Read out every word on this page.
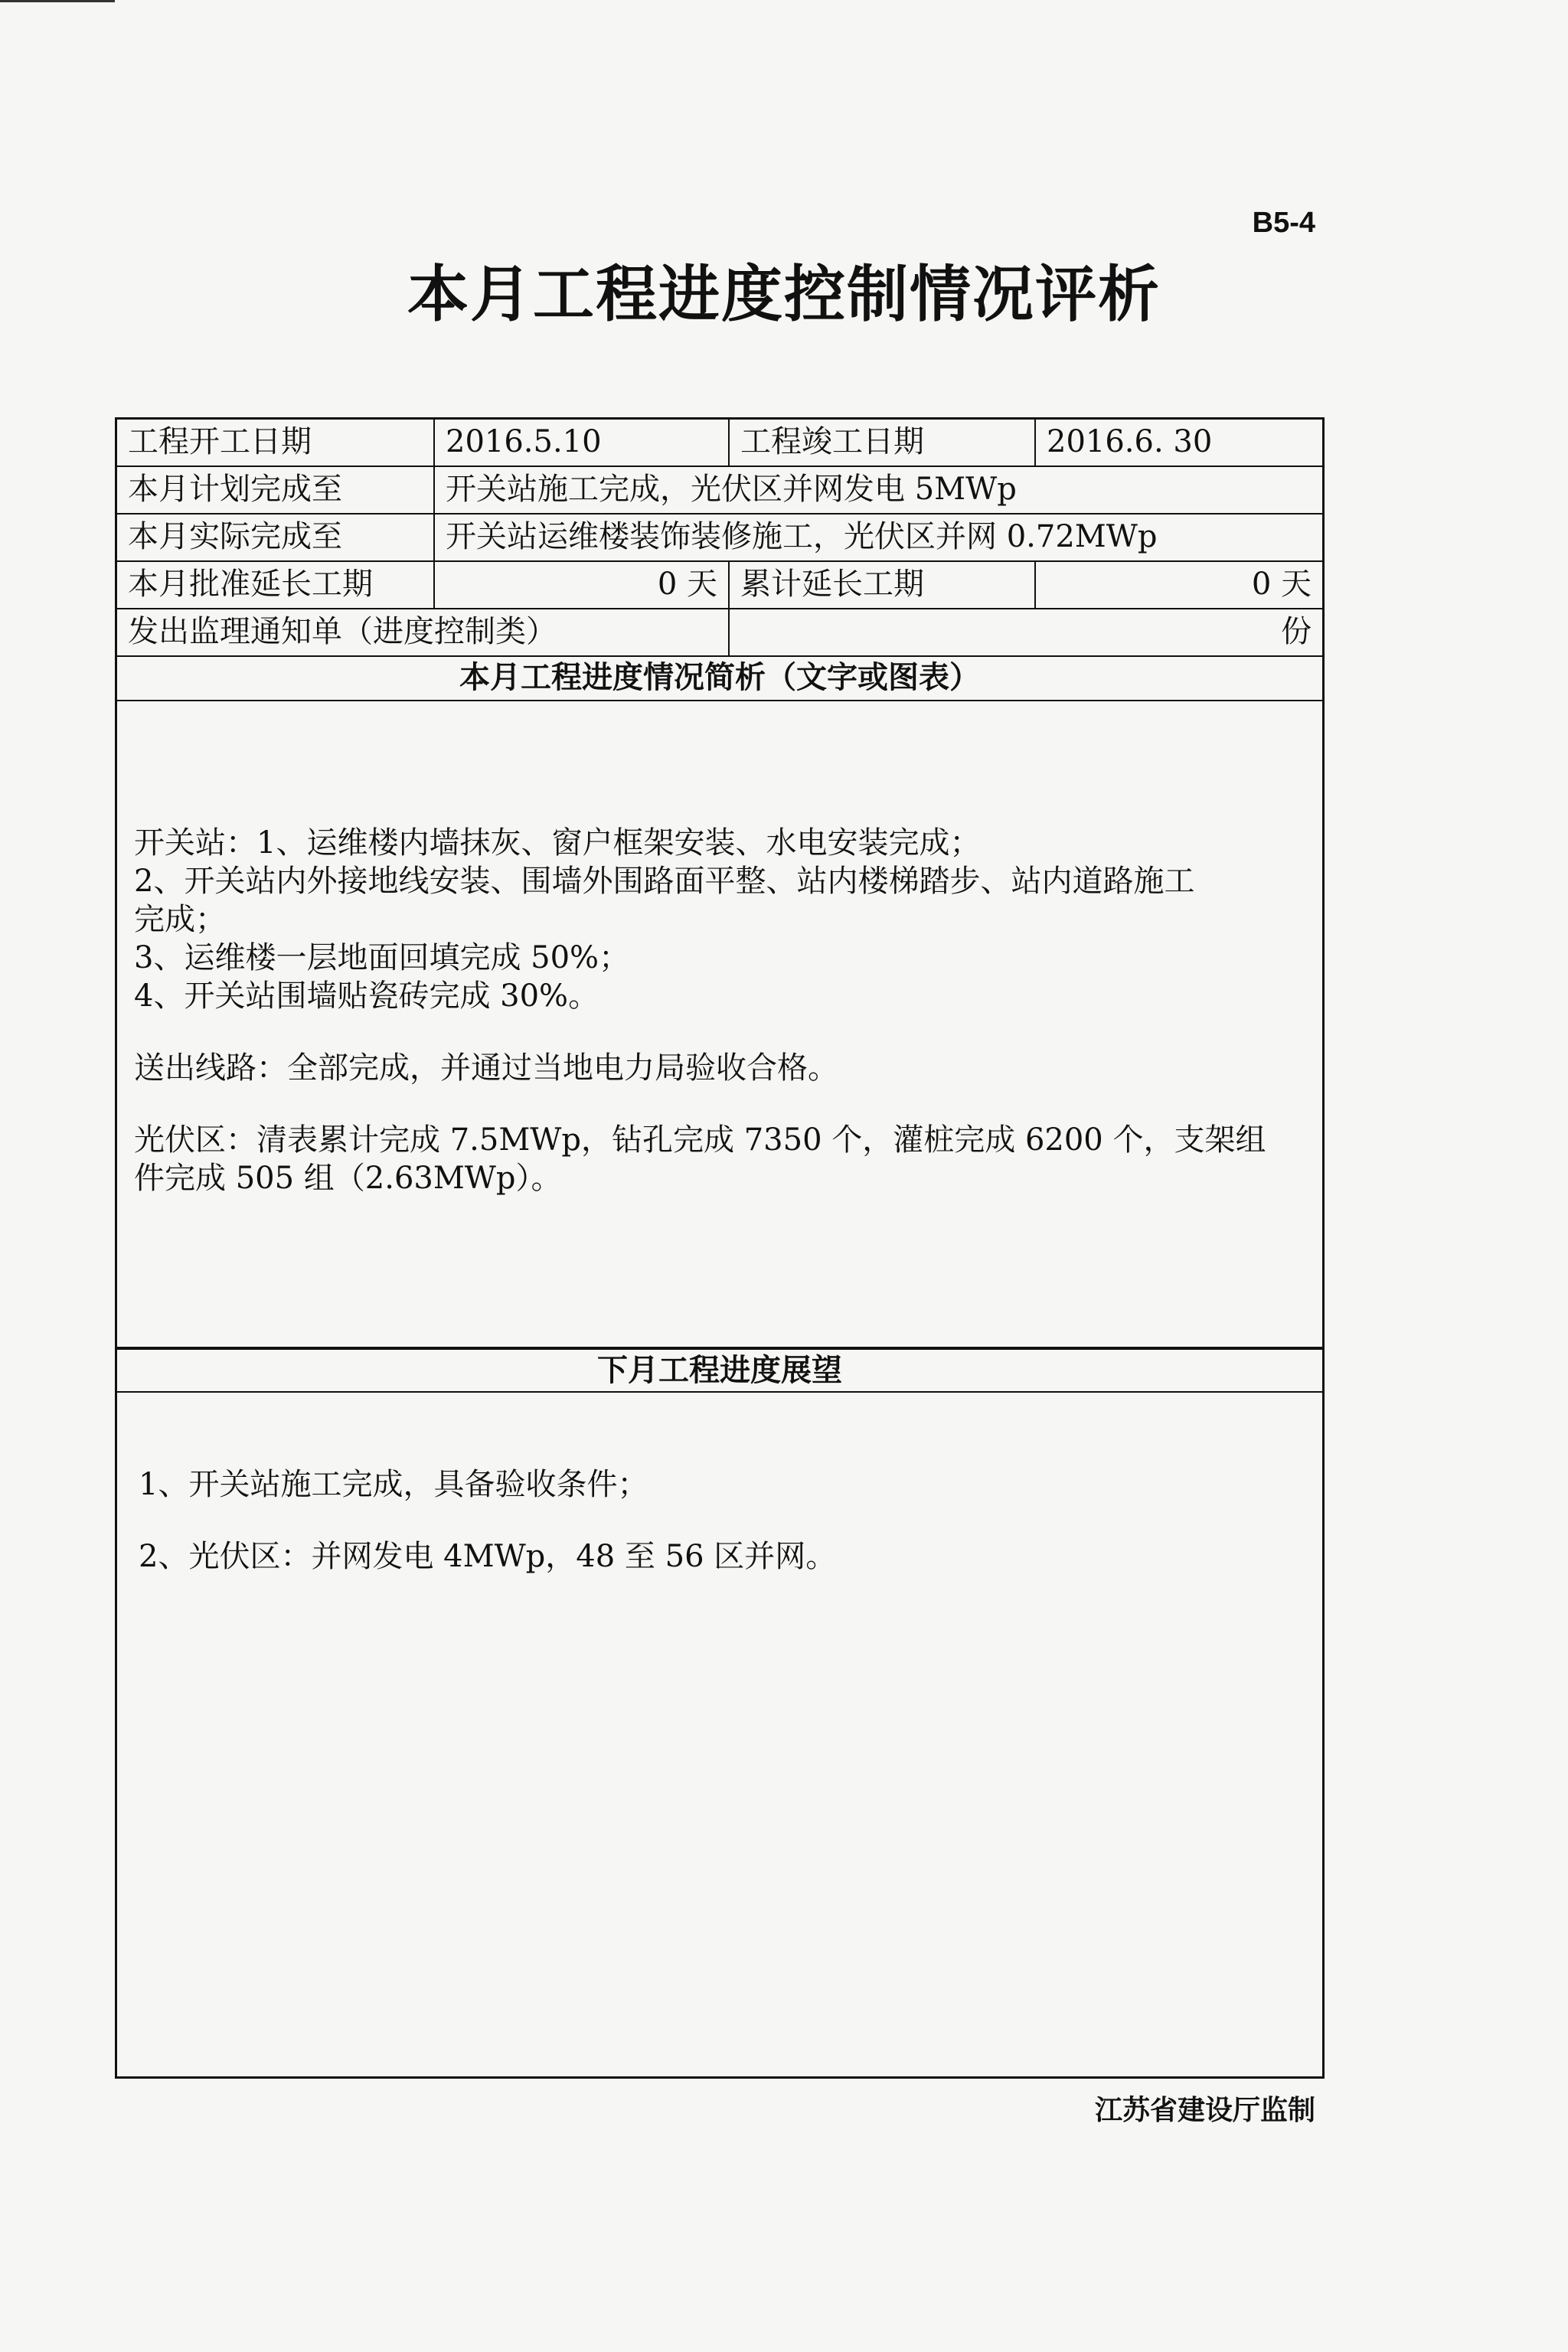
B5-4
本月工程进度控制情况评析
工程开工日期	2016.5.10	工程竣工日期	2016.6. 30
本月计划完成至	开关站施工完成，光伏区并网发电 5MWp
本月实际完成至	开关站运维楼装饰装修施工，光伏区并网 0.72MWp
本月批准延长工期	0 天 累计延长工期	0 天
发出监理通知单（进度控制类）	份
本月工程进度情况简析（文字或图表）

开关站：1、运维楼内墙抹灰、窗户框架安装、水电安装完成；

2、开关站内外接地线安装、围墙外围路面平整、站内楼梯踏步、站内道路施工

完成；

3、运维楼一层地面回填完成 50%；

4、开关站围墙贴瓷砖完成 30%。

送出线路：全部完成，并通过当地电力局验收合格。

光伏区：清表累计完成 7.5MWp，钻孔完成 7350 个，灌桩完成 6200 个，支架组

件完成 505 组（2.63MWp）。

下月工程进度展望

1、开关站施工完成，具备验收条件；

2、光伏区：并网发电 4MWp，48 至 56 区并网。

江苏省建设厅监制
